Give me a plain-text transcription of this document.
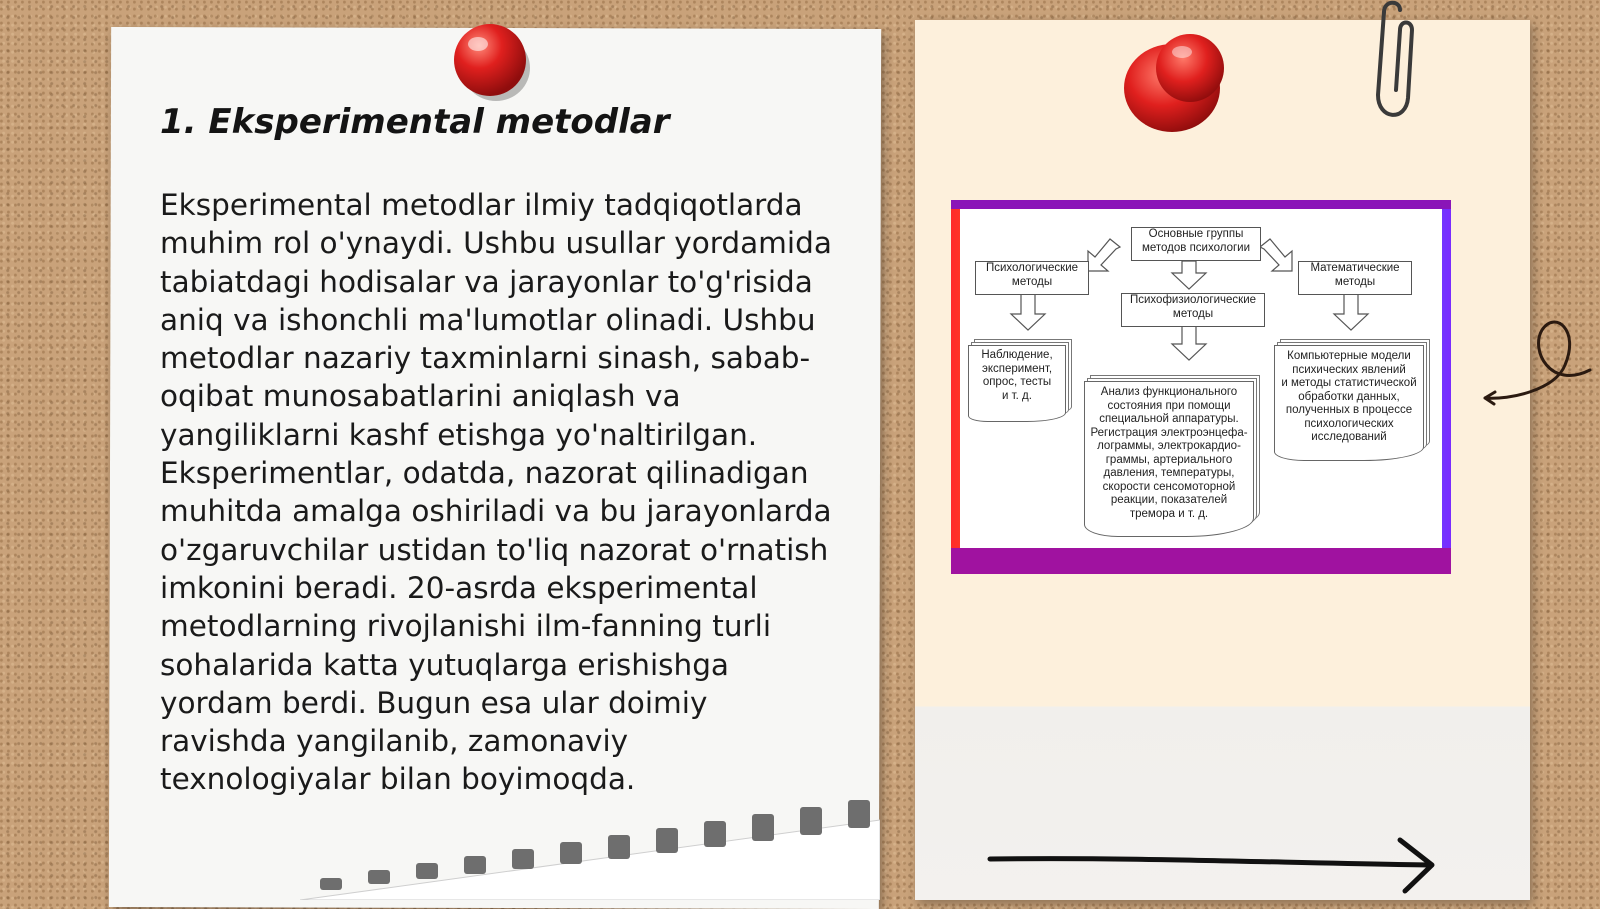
1. Eksperimental metodlar

Eksperimental metodlar ilmiy tadqiqotlarda muhim rol o'ynaydi. Ushbu usullar yordamida tabiatdagi hodisalar va jarayonlar to'g'risida aniq va ishonchli ma'lumotlar olinadi. Ushbu metodlar nazariy taxminlarni sinash, sabab-oqibat munosabatlarini aniqlash va yangiliklarni kashf etishga yo'naltirilgan. Eksperimentlar, odatda, nazorat qilinadigan muhitda amalga oshiriladi va bu jarayonlarda o'zgaruvchilar ustidan to'liq nazorat o'rnatish imkonini beradi. 20-asrda eksperimental metodlarning rivojlanishi ilm-fanning turli sohalarida katta yutuqlarga erishishga yordam berdi. Bugun esa ular doimiy ravishda yangilanib, zamonaviy texnologiyalar bilan boyimoqda.

Основные группы
методов психологии
Психологические
методы
Психофизиологические
методы
Математические
методы
Наблюдение,
эксперимент,
опрос, тесты
и т. д.	Анализ функционального
состояния при помощи
специальной аппаратуры.
Регистрация электроэнцефа-
лограммы, электрокардио-
граммы, артериального
давления, температуры,
скорости сенсомоторной
реакции, показателей
тремора и т. д.
Компьютерные модели
психических явлений
и методы статистической
обработки данных,
полученных в процессе
психологических
исследований
